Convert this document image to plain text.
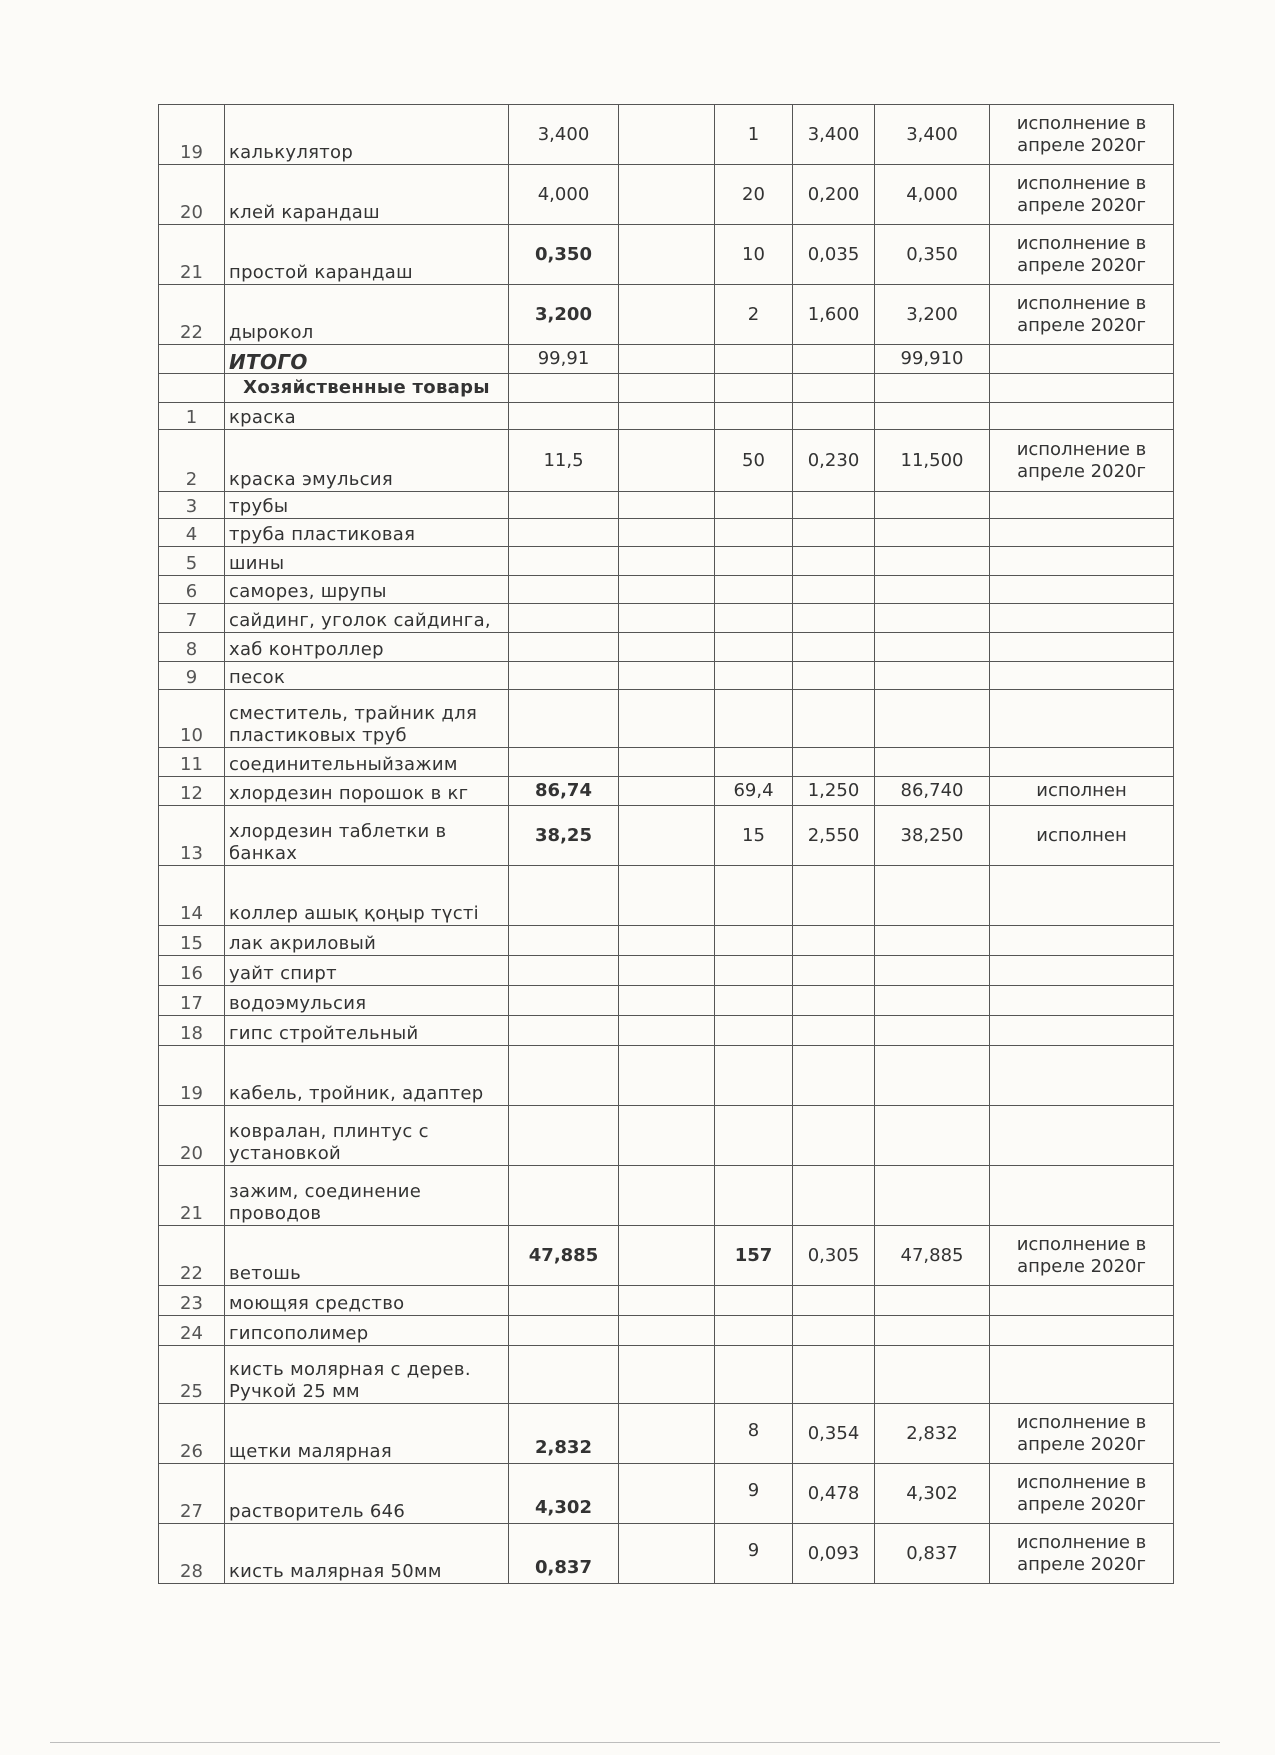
19	калькулятор	3,400		1	3,400	3,400	исполнение в апреле 2020г
20	клей карандаш	4,000		20	0,200	4,000	исполнение в апреле 2020г
21	простой карандаш	0,350		10	0,035	0,350	исполнение в апреле 2020г
22	дырокол	3,200		2	1,600	3,200	исполнение в апреле 2020г
	ИТОГО	99,91				99,910	
	Хозяйственные товары						
1	краска						
2	краска эмульсия	11,5		50	0,230	11,500	исполнение в апреле 2020г
3	трубы						
4	труба пластиковая						
5	шины						
6	саморез, шрупы						
7	сайдинг, уголок сайдинга,						
8	хаб контроллер						
9	песок						
10	сместитель, трайник для пластиковых труб						
11	соединительныйзажим						
12	хлордезин порошок в кг	86,74		69,4	1,250	86,740	исполнен
13	хлордезин таблетки в банках	38,25		15	2,550	38,250	исполнен
14	коллер ашық қоңыр түсті						
15	лак акриловый						
16	уайт спирт						
17	водоэмульсия						
18	гипс стройтельный						
19	кабель, тройник, адаптер						
20	ковралан, плинтус с установкой						
21	зажим, соединение проводов						
22	ветошь	47,885		157	0,305	47,885	исполнение в апреле 2020г
23	моющяя средство						
24	гипсополимер						
25	кисть молярная с дерев. Ручкой 25 мм						
26	щетки малярная	2,832		8	0,354	2,832	исполнение в апреле 2020г
27	растворитель 646	4,302		9	0,478	4,302	исполнение в апреле 2020г
28	кисть малярная 50мм	0,837		9	0,093	0,837	исполнение в апреле 2020г
